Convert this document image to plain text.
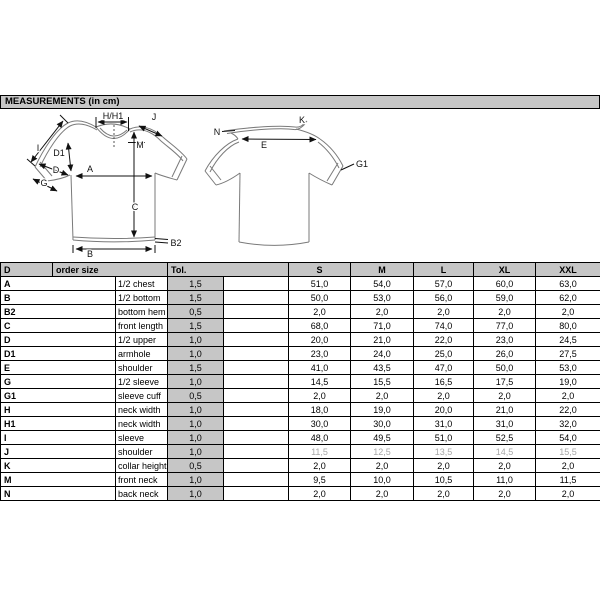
MEASUREMENTS (in cm)
H/H1	J
I D1
D
G
A
M
C
B2
B
N
K
E
G1
D	order size		Tol.		S	M	L	XL	XXL
A		1/2 chest	1,5		51,0	54,0	57,0	60,0	63,0
B		1/2 bottom	1,5		50,0	53,0	56,0	59,0	62,0
B2		bottom hem	0,5		2,0	2,0	2,0	2,0	2,0
C		front length	1,5		68,0	71,0	74,0	77,0	80,0
D		1/2 upper	1,0		20,0	21,0	22,0	23,0	24,5
D1		armhole	1,0		23,0	24,0	25,0	26,0	27,5
E		shoulder	1,5		41,0	43,5	47,0	50,0	53,0
G		1/2 sleeve	1,0		14,5	15,5	16,5	17,5	19,0
G1		sleeve cuff	0,5		2,0	2,0	2,0	2,0	2,0
H		neck width	1,0		18,0	19,0	20,0	21,0	22,0
H1		neck width	1,0		30,0	30,0	31,0	31,0	32,0
I		sleeve	1,0		48,0	49,5	51,0	52,5	54,0
J		shoulder	1,0		11,5	12,5	13,5	14,5	15,5
K		collar height	0,5		2,0	2,0	2,0	2,0	2,0
M		front neck	1,0		9,5	10,0	10,5	11,0	11,5
N		back neck	1,0		2,0	2,0	2,0	2,0	2,0
